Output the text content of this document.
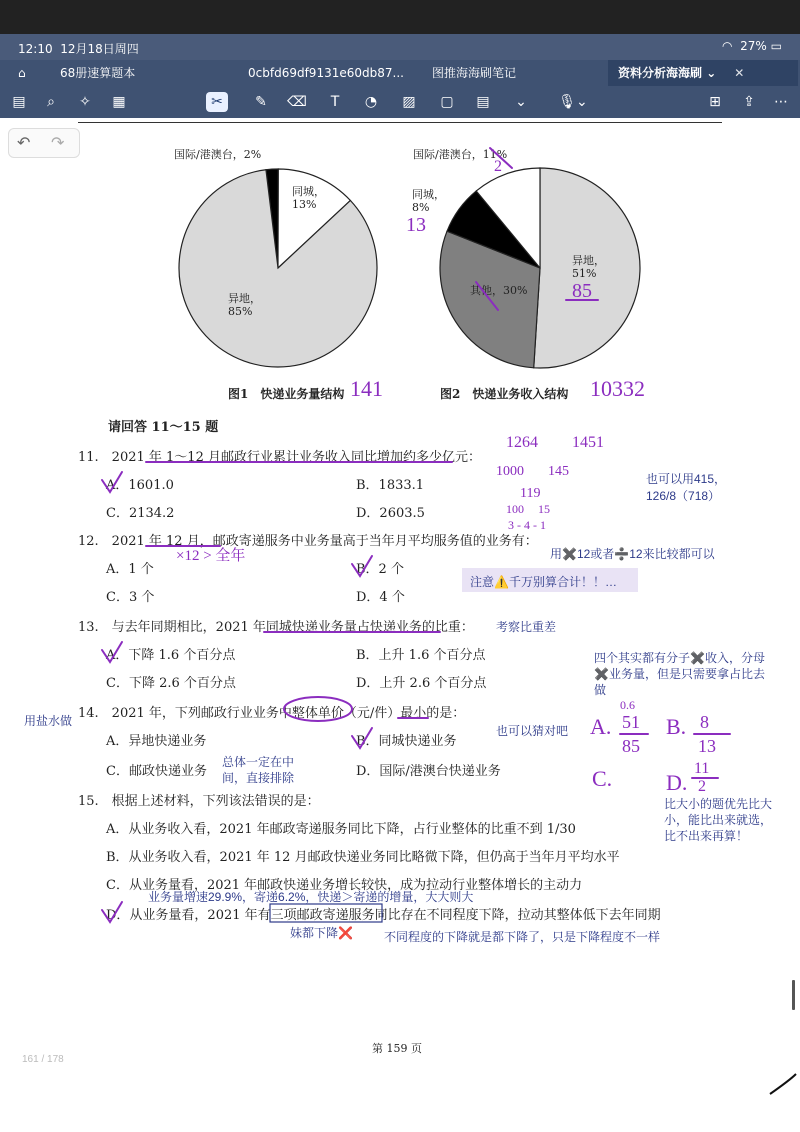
12:10 12月18日周四	◠ 27% ▭
⌂	68册速算题本	0cbfd69df9131e60db87...	图推海海刷笔记	资料分析海海刷 ⌄ ✕
▤	⌕	✧	▦	✂	✎	⌫	T	◔	▨	▢	▤	⌄	🎙⌄	⊞	⇪	⋯
↶ ↷
国际/港澳台，2%
同城，
13%
异地，
85%
图1　快递业务量结构 141
国际/港澳台，11%
2
同城，
8%
13
异地，
51%
85
其他，30%
图2　快递业务收入结构 10332
请回答 11～15 题
11.　2021 年 1～12 月邮政行业累计业务收入同比增加约多少亿元：
A．1601.0	B．1833.1
C．2134.2	D．2603.5
1264 1451
1000 145
119
100 15
3 - 4 - 1
也可以用415，
126/8（718）
12.　2021 年 12 月，邮政寄递服务中业务量高于当年月平均服务值的业务有：
×12 > 全年	用✖️12或者➗12来比较都可以
A．1 个	B．2 个
C．3 个	D．4 个
注意⚠️千万别算合计！！…
13.　与去年同期相比，2021 年同城快递业务量占快递业务的比重： 考察比重差
A．下降 1.6 个百分点	B．上升 1.6 个百分点
C．下降 2.6 个百分点	D．上升 2.6 个百分点
四个其实都有分子✖️收入，分母✖️业务量，但是只需要拿占比去做
用盐水做 14.　2021 年，下列邮政行业业务中整体单价（元/件）最小的是：
也可以猜对吧
A．异地快递业务	B．同城快递业务
C．邮政快递业务	D．国际/港澳台快递业务
总体一定在中间，直接排除
A.
0.6
51
85
B. 8
13
C. D.
11
2
比大小的题优先比大小，能比出来就选，比不出来再算！
15.　根据上述材料，下列该法错误的是：
A．从业务收入看，2021 年邮政寄递服务同比下降，占行业整体的比重不到 1/30
B．从业务收入看，2021 年 12 月邮政快递业务同比略微下降，但仍高于当年月平均水平
C．从业务量看，2021 年邮政快递业务增长较快，成为拉动行业整体增长的主动力
业务量增速29.9%，寄递6.2%，快递＞寄递的增量，大大则大
D．从业务量看，2021 年有三项邮政寄递服务同比存在不同程度下降，拉动其整体低下去年同期
妹都下降❌	不同程度的下降就是都下降了，只是下降程度不一样
第 159 页
161 / 178
